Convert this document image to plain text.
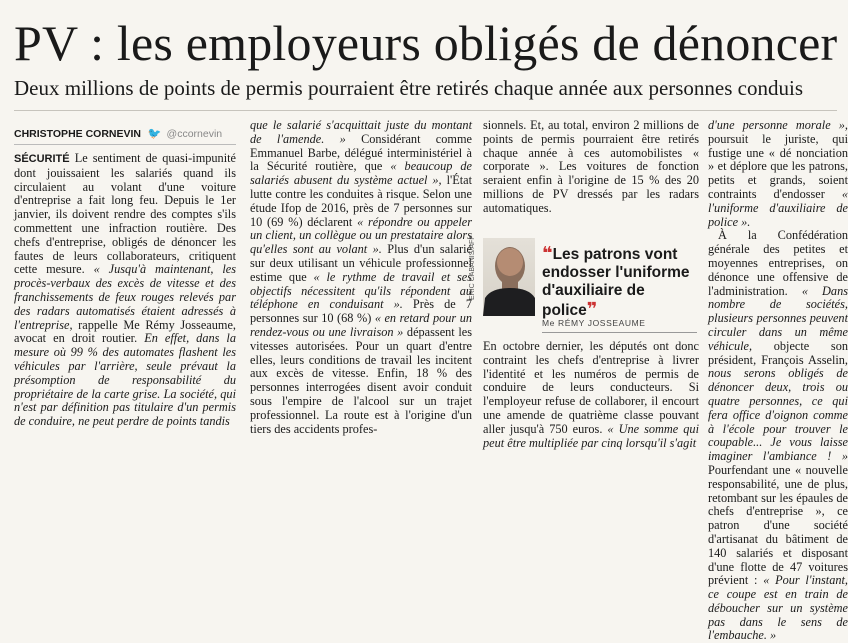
PV : les employeurs obligés de dénoncer
Deux millions de points de permis pourraient être retirés chaque année aux personnes conduis
CHRISTOPHE CORNEVIN 🐦 @ccornevin

SÉCURITÉ Le sentiment de quasi-impunité dont jouissaient les salariés quand ils circulaient au volant d'une voiture d'entreprise a fait long feu. Depuis le 1er janvier, ils doivent rendre des comptes s'ils commettent une infraction routière. Des chefs d'entreprise, obligés de dénoncer les fautes de leurs collaborateurs, critiquent cette mesure. « Jusqu'à maintenant, les procès-verbaux des excès de vitesse et des franchissements de feux rouges relevés par des radars automatisés étaient adressés à l'entreprise, rappelle Me Rémy Josseaume, avocat en droit routier. En effet, dans la mesure où 99 % des automates flashent les véhicules par l'arrière, seule prévaut la présomption de responsabilité du propriétaire de la carte grise. La société, qui n'est par définition pas titulaire d'un permis de conduire, ne peut perdre de points tandis

que le salarié s'acquittait juste du montant de l'amende. » Considérant comme Emmanuel Barbe, délégué interministériel à la Sécurité routière, que « beaucoup de salariés abusent du système actuel », l'État lutte contre les conduites à risque. Selon une étude Ifop de 2016, près de 7 personnes sur 10 (69 %) déclarent « répondre ou appeler un client, un collègue ou un prestataire alors qu'elles sont au volant ». Plus d'un salarié sur deux utilisant un véhicule professionnel estime que « le rythme de travail et ses objectifs nécessitent qu'ils répondent au téléphone en conduisant ». Près de 7 personnes sur 10 (68 %) « en retard pour un rendez-vous ou une livraison » dépassent les vitesses autorisées. Pour un quart d'entre elles, leurs conditions de travail les incitent aux excès de vitesse. Enfin, 18 % des personnes interrogées disent avoir conduit sous l'empire de l'alcool sur un trajet professionnel. La route est à l'origine d'un tiers des accidents profes-

sionnels. Et, au total, environ 2 millions de points de permis pourraient être retirés chaque année à ces automobilistes « corporate ». Les voitures de fonction seraient enfin à l'origine de 15 % des 20 millions de PV dressés par les radars automatiques.

ERIC CABANIS/AFP	❝Les patrons vont endosser l'uniforme d'auxiliaire de police❞
Me RÉMY JOSSEAUME

En octobre dernier, les députés ont donc contraint les chefs d'entreprise à livrer l'identité et les numéros de permis de conduire de leurs conducteurs. Si l'employeur refuse de collaborer, il encourt une amende de quatrième classe pouvant aller jusqu'à 750 euros. « Une somme qui peut être multipliée par cinq lorsqu'il s'agit

d'une personne morale », poursuit le juriste, qui fustige une « dé nonciation » et déplore que les patrons, petits et grands, soient contraints d'endosser « l'uniforme d'auxiliaire de police ».

À la Confédération générale des petites et moyennes entreprises, on dénonce une offensive de l'administration. « Dans nombre de sociétés, plusieurs personnes peuvent circuler dans un même véhicule, objecte son président, François Asselin, nous serons obligés de dénoncer deux, trois ou quatre personnes, ce qui fera office d'oignon comme à l'école pour trouver le coupable... Je vous laisse imaginer l'ambiance ! » Pourfendant une « nouvelle responsabilité, une de plus, retombant sur les épaules de chefs d'entreprise », ce patron d'une société d'artisanat du bâtiment de 140 salariés et disposant d'une flotte de 47 voitures prévient : « Pour l'instant, ce coupe est en train de déboucher sur un système pas dans le sens de l'embauche. »
